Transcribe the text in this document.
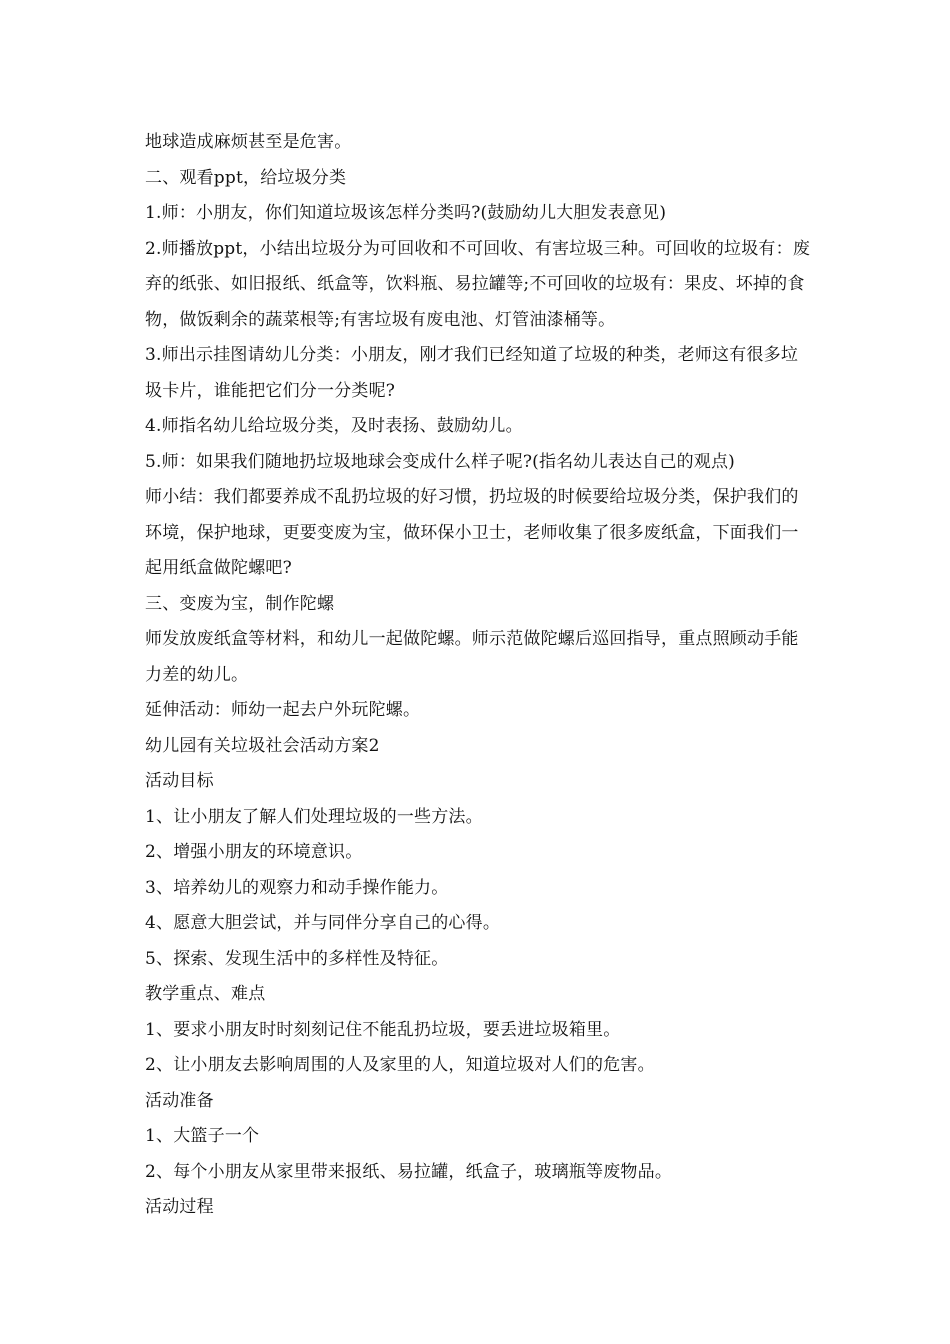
地球造成麻烦甚至是危害。

二、观看ppt，给垃圾分类

1.师：小朋友，你们知道垃圾该怎样分类吗?(鼓励幼儿大胆发表意见)

2.师播放ppt，小结出垃圾分为可回收和不可回收、有害垃圾三种。可回收的垃圾有：废弃的纸张、如旧报纸、纸盒等，饮料瓶、易拉罐等;不可回收的垃圾有：果皮、坏掉的食物，做饭剩余的蔬菜根等;有害垃圾有废电池、灯管油漆桶等。

3.师出示挂图请幼儿分类：小朋友，刚才我们已经知道了垃圾的种类，老师这有很多垃圾卡片，谁能把它们分一分类呢?

4.师指名幼儿给垃圾分类，及时表扬、鼓励幼儿。

5.师：如果我们随地扔垃圾地球会变成什么样子呢?(指名幼儿表达自己的观点)

师小结：我们都要养成不乱扔垃圾的好习惯，扔垃圾的时候要给垃圾分类，保护我们的环境，保护地球，更要变废为宝，做环保小卫士，老师收集了很多废纸盒，下面我们一起用纸盒做陀螺吧?

三、变废为宝，制作陀螺

师发放废纸盒等材料，和幼儿一起做陀螺。师示范做陀螺后巡回指导，重点照顾动手能力差的幼儿。

延伸活动：师幼一起去户外玩陀螺。

幼儿园有关垃圾社会活动方案2

活动目标

1、让小朋友了解人们处理垃圾的一些方法。

2、增强小朋友的环境意识。

3、培养幼儿的观察力和动手操作能力。

4、愿意大胆尝试，并与同伴分享自己的心得。

5、探索、发现生活中的多样性及特征。

教学重点、难点

1、要求小朋友时时刻刻记住不能乱扔垃圾，要丢进垃圾箱里。

2、让小朋友去影响周围的人及家里的人，知道垃圾对人们的危害。

活动准备

1、大篮子一个

2、每个小朋友从家里带来报纸、易拉罐，纸盒子，玻璃瓶等废物品。

活动过程
